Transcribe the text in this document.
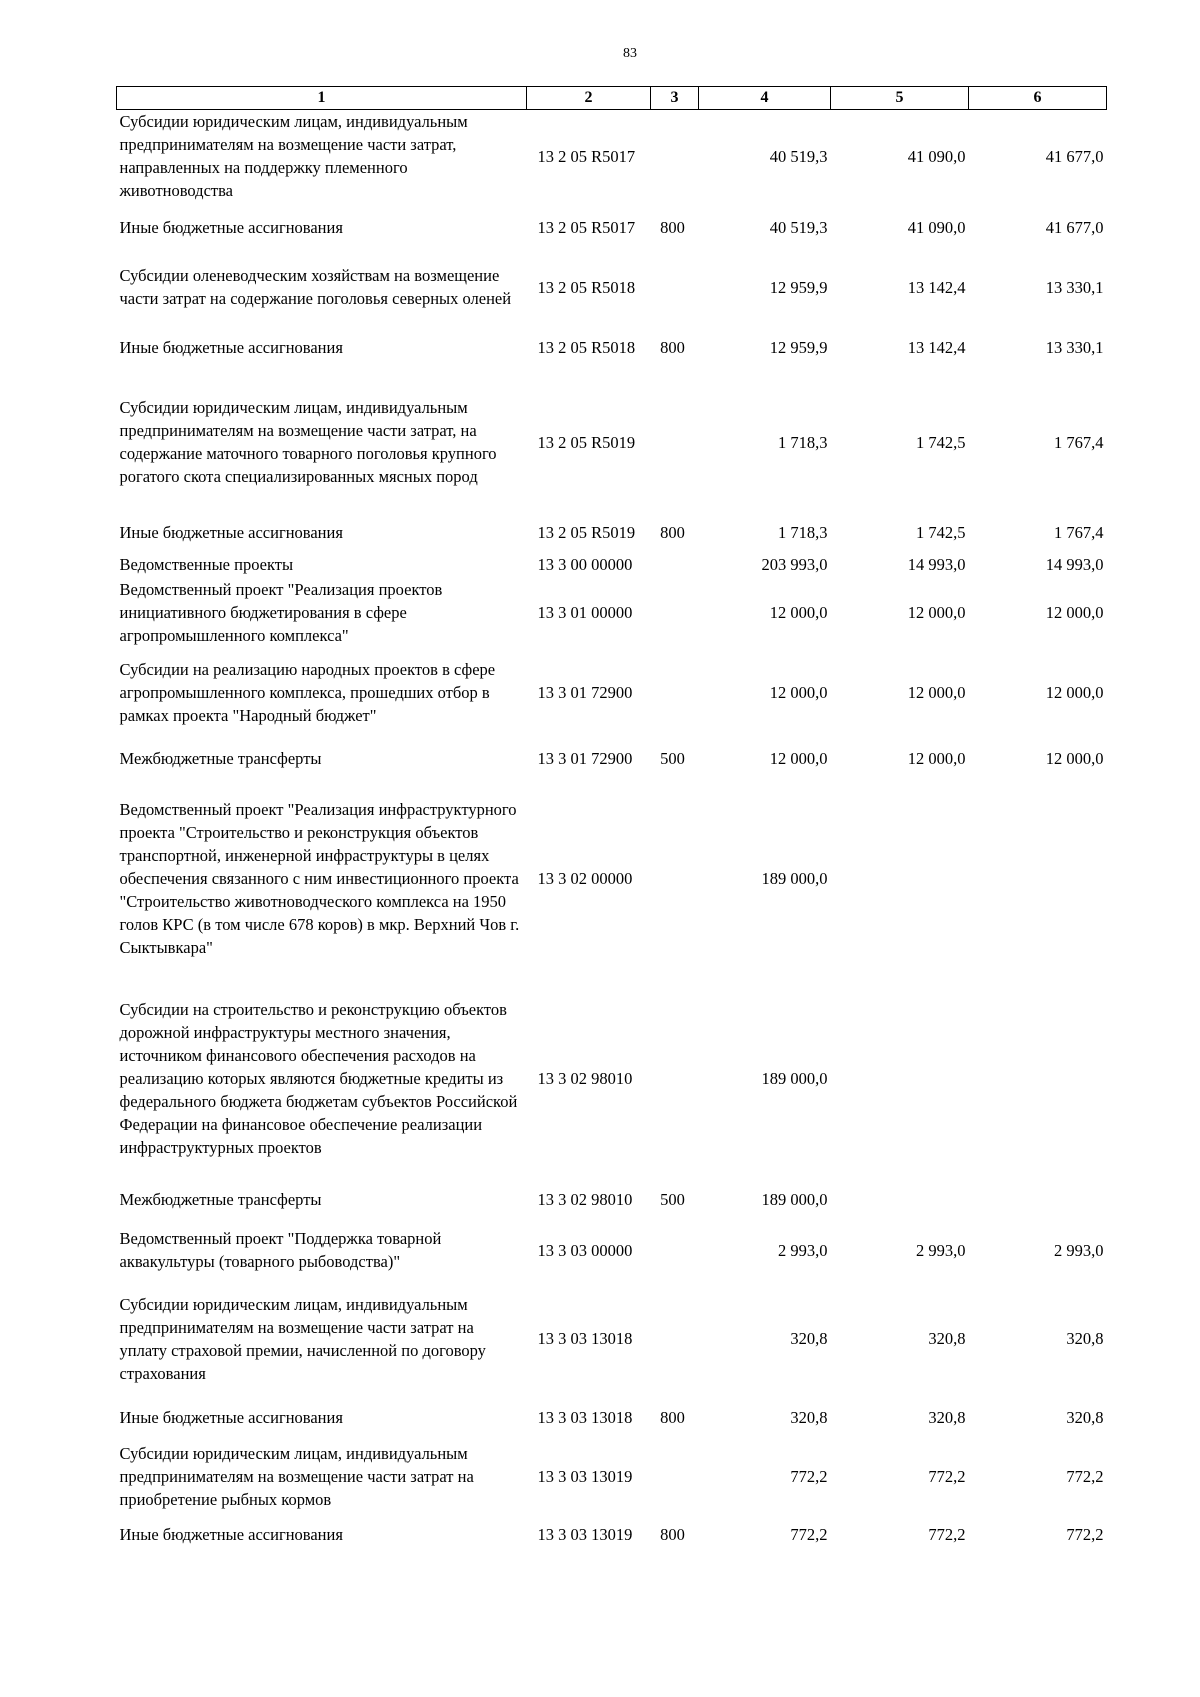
83
1	2	3	4	5	6
Субсидии юридическим лицам, индивидуальным предпринимателям на возмещение части затрат, направленных на поддержку племенного животноводства	13 2 05 R5017		40 519,3	41 090,0	41 677,0
Иные бюджетные ассигнования	13 2 05 R5017	800	40 519,3	41 090,0	41 677,0
Субсидии оленеводческим хозяйствам на возмещение части затрат на содержание поголовья северных оленей	13 2 05 R5018		12 959,9	13 142,4	13 330,1
Иные бюджетные ассигнования	13 2 05 R5018	800	12 959,9	13 142,4	13 330,1
Субсидии юридическим лицам, индивидуальным предпринимателям на возмещение части затрат, на содержание маточного товарного поголовья крупного рогатого скота специализированных мясных пород	13 2 05 R5019		1 718,3	1 742,5	1 767,4
Иные бюджетные ассигнования	13 2 05 R5019	800	1 718,3	1 742,5	1 767,4
Ведомственные проекты	13 3 00 00000		203 993,0	14 993,0	14 993,0
Ведомственный проект "Реализация проектов инициативного бюджетирования в сфере агропромышленного комплекса"	13 3 01 00000		12 000,0	12 000,0	12 000,0
Субсидии на реализацию народных проектов в сфере агропромышленного комплекса, прошедших отбор в рамках проекта "Народный бюджет"	13 3 01 72900		12 000,0	12 000,0	12 000,0
Межбюджетные трансферты	13 3 01 72900	500	12 000,0	12 000,0	12 000,0
Ведомственный проект "Реализация инфраструктурного проекта "Строительство и реконструкция объектов транспортной, инженерной инфраструктуры в целях обеспечения связанного с ним инвестиционного проекта "Строительство животноводческого комплекса на 1950 голов КРС (в том числе 678 коров) в мкр. Верхний Чов г. Сыктывкара"	13 3 02 00000		189 000,0		
Субсидии на строительство и реконструкцию объектов дорожной инфраструктуры местного значения, источником финансового обеспечения расходов на реализацию которых являются бюджетные кредиты из федерального бюджета бюджетам субъектов Российской Федерации на финансовое обеспечение реализации инфраструктурных проектов	13 3 02 98010		189 000,0		
Межбюджетные трансферты	13 3 02 98010	500	189 000,0		
Ведомственный проект "Поддержка товарной аквакультуры (товарного рыбоводства)"	13 3 03 00000		2 993,0	2 993,0	2 993,0
Субсидии юридическим лицам, индивидуальным предпринимателям на возмещение части затрат на уплату страховой премии, начисленной по договору страхования	13 3 03 13018		320,8	320,8	320,8
Иные бюджетные ассигнования	13 3 03 13018	800	320,8	320,8	320,8
Субсидии юридическим лицам, индивидуальным предпринимателям на возмещение части затрат на приобретение рыбных кормов	13 3 03 13019		772,2	772,2	772,2
Иные бюджетные ассигнования	13 3 03 13019	800	772,2	772,2	772,2
